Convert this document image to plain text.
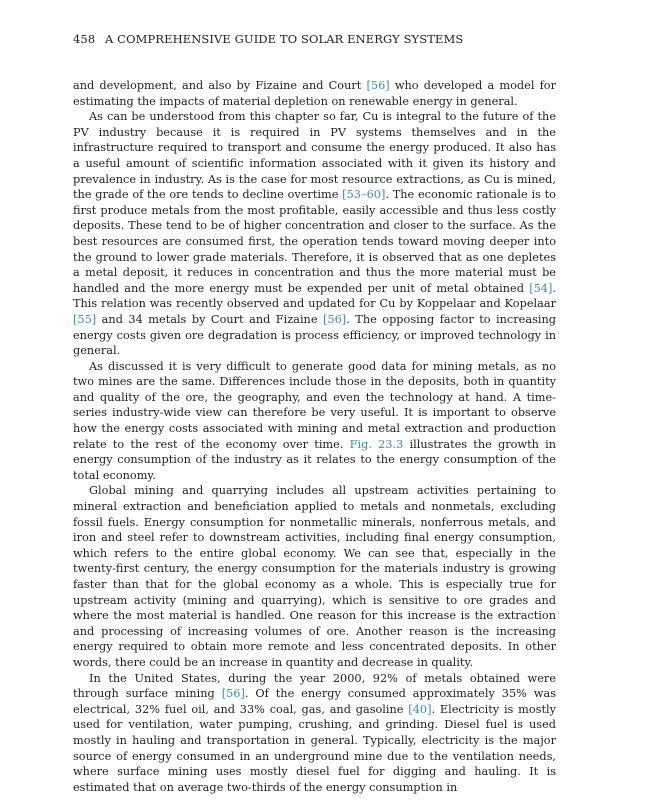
458 A COMPREHENSIVE GUIDE TO SOLAR ENERGY SYSTEMS

and development, and also by Fizaine and Court [56] who developed a model for estimating the impacts of material depletion on renewable energy in general.

As can be understood from this chapter so far, Cu is integral to the future of the PV industry because it is required in PV systems themselves and in the infrastructure required to transport and consume the energy produced. It also has a useful amount of scientific information associated with it given its history and prevalence in industry. As is the case for most resource extractions, as Cu is mined, the grade of the ore tends to decline overtime [53–60]. The economic rationale is to first produce metals from the most profitable, easily accessible and thus less costly deposits. These tend to be of higher concentration and closer to the surface. As the best resources are consumed first, the operation tends toward moving deeper into the ground to lower grade materials. Therefore, it is observed that as one depletes a metal deposit, it reduces in concentration and thus the more material must be handled and the more energy must be expended per unit of metal obtained [54]. This relation was recently observed and updated for Cu by Koppelaar and Kopelaar [55] and 34 metals by Court and Fizaine [56]. The opposing factor to increasing energy costs given ore degradation is process efficiency, or improved technology in general.

As discussed it is very difficult to generate good data for mining metals, as no two mines are the same. Differences include those in the deposits, both in quantity and quality of the ore, the geography, and even the technology at hand. A time-series industry-wide view can therefore be very useful. It is important to observe how the energy costs associated with mining and metal extraction and production relate to the rest of the economy over time. Fig. 23.3 illustrates the growth in energy consumption of the industry as it relates to the energy consumption of the total economy.

Global mining and quarrying includes all upstream activities pertaining to mineral extraction and beneficiation applied to metals and nonmetals, excluding fossil fuels. Energy consumption for nonmetallic minerals, nonferrous metals, and iron and steel refer to downstream activities, including final energy consumption, which refers to the entire global economy. We can see that, especially in the twenty-first century, the energy consumption for the materials industry is growing faster than that for the global economy as a whole. This is especially true for upstream activity (mining and quarrying), which is sensitive to ore grades and where the most material is handled. One reason for this increase is the extraction and processing of increasing volumes of ore. Another reason is the increasing energy required to obtain more remote and less concentrated deposits. In other words, there could be an increase in quantity and decrease in quality.

In the United States, during the year 2000, 92% of metals obtained were through surface mining [56]. Of the energy consumed approximately 35% was electrical, 32% fuel oil, and 33% coal, gas, and gasoline [40]. Electricity is mostly used for ventilation, water pumping, crushing, and grinding. Diesel fuel is used mostly in hauling and transportation in general. Typically, electricity is the major source of energy consumed in an underground mine due to the ventilation needs, where surface mining uses mostly diesel fuel for digging and hauling. It is estimated that on average two-thirds of the energy consumption in
